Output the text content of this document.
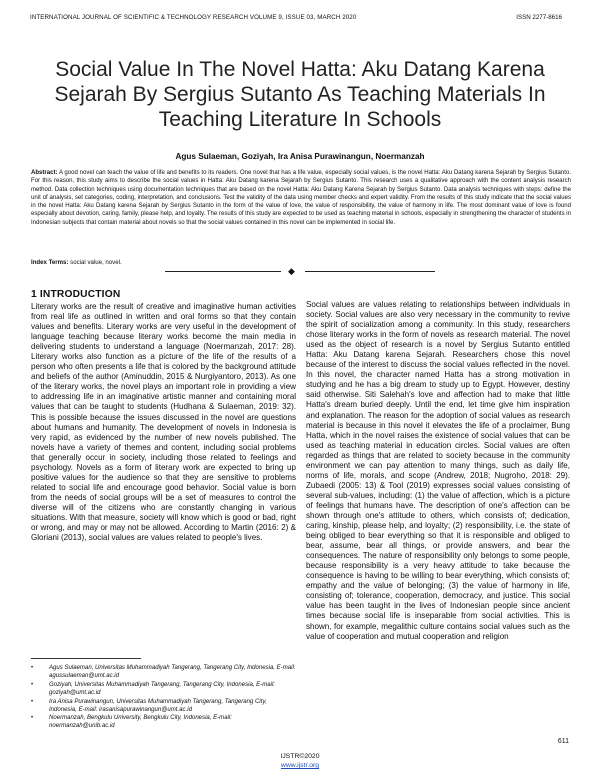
INTERNATIONAL JOURNAL OF SCIENTIFIC & TECHNOLOGY RESEARCH VOLUME 9, ISSUE 03, MARCH 2020	ISSN 2277-8616
Social Value In The Novel Hatta: Aku Datang Karena Sejarah By Sergius Sutanto As Teaching Materials In Teaching Literature In Schools
Agus Sulaeman, Goziyah, Ira Anisa Purawinangun, Noermanzah

Abstract: A good novel can teach the value of life and benefits to its readers. One novel that has a life value, especially social values, is the novel Hatta: Aku Datang karena Sejarah by Sergius Sutanto. For this reason, this study aims to describe the social values in Hatta: Aku Datang karena Sejarah by Sergius Sutanto. This research uses a qualitative approach with the content analysis research method. Data collection techniques using documentation techniques that are based on the novel Hatta: Aku Datang Karena Sejarah by Sergius Sutanto. Data analysis techniques with steps: define the unit of analysis, set categories, coding, interpretation, and conclusions. Test the validity of the data using member checks and expert validity. From the results of this study indicate that the social values in the novel Hatta: Aku Datang karena Sejarah by Sergius Sutanto in the form of the value of love, the value of responsibility, the value of harmony in life. The most dominant value of love is found especially about devotion, caring, family, please help, and loyalty. The results of this study are expected to be used as teaching material in schools, especially in strengthening the character of students in Indonesian subjects that contain material about novels so that the social values contained in this novel can be implemented in social life.

Index Terms: social value, novel.

◆
1 INTRODUCTION

Literary works are the result of creative and imaginative human activities from real life as outlined in written and oral forms so that they contain values and benefits. Literary works are very useful in the development of language teaching because literary works become the main media in delivering students to understand a language (Noermanzah, 2017: 28). Literary works also function as a picture of the life of the results of a person who often presents a life that is colored by the background attitude and beliefs of the author (Aminuddin, 2015 & Nurgiyantoro, 2013). As one of the literary works, the novel plays an important role in providing a view to addressing life in an imaginative artistic manner and containing moral values that can be taught to students (Hudhana & Sulaeman, 2019: 32). This is possible because the issues discussed in the novel are questions about humans and humanity. The development of novels in Indonesia is very rapid, as evidenced by the number of new novels published. The novels have a variety of themes and content, including social problems that generally occur in society, including those related to feelings and psychology. Novels as a form of literary work are expected to bring up positive values for the audience so that they are sensitive to problems related to social life and encourage good behavior. Social value is born from the needs of social groups will be a set of measures to control the diverse will of the citizens who are constantly changing in various situations. With that measure, society will know which is good or bad, right or wrong, and may or may not be allowed. According to Martin (2016: 2) & Gloriani (2013), social values are values related to people's lives.

Social values are values relating to relationships between individuals in society. Social values are also very necessary in the community to revive the spirit of socialization among a community. In this study, researchers chose literary works in the form of novels as research material. The novel used as the object of research is a novel by Sergius Sutanto entitled Hatta: Aku Datang karena Sejarah. Researchers chose this novel because of the interest to discuss the social values reflected in the novel. In this novel, the character named Hatta has a strong motivation in studying and he has a big dream to study up to Egypt. However, destiny said otherwise. Siti Salehah's love and affection had to make that little Hatta's dream buried deeply. Until the end, let time give him inspiration and explanation. The reason for the adoption of social values as research material is because in this novel it elevates the life of a proclaimer, Bung Hatta, which in the novel raises the existence of social values that can be used as teaching material in education circles. Social values are often regarded as things that are related to society because in the community environment we can pay attention to many things, such as daily life, norms of life, morals, and scope (Andrew, 2018; Nugroho, 2018: 29). Zubaedi (2005: 13) & Tool (2019) expresses social values consisting of several sub-values, including: (1) the value of affection, which is a picture of feelings that humans have. The description of one's affection can be shown through one's attitude to others, which consists of; dedication, caring, kinship, please help, and loyalty; (2) responsibility, i.e. the state of being obliged to bear everything so that it is responsible and obliged to bear, assume, bear all things, or provide answers, and bear the consequences. The nature of responsibility only belongs to some people, because responsibility is a very heavy attitude to take because the consequence is having to be willing to bear everything, which consists of; empathy and the value of belonging; (3) the value of harmony in life, consisting of; tolerance, cooperation, democracy, and justice. This social value has been taught in the lives of Indonesian people since ancient times because social life is inseparable from social activities. This is shown, for example, megalithic culture contains social values such as the value of cooperation and mutual cooperation and religion

•	Agus Sulaeman, Universitas Muhammadiyah Tangerang, Tangerang City, Indonesia, E-mail: agussulaeman@umt.ac.id
•	Goziyah, Universitas Muhammadiyah Tangerang, Tangerang City, Indonesia, E-mail: goziyah@umt.ac.id
•	Ira Anisa Purawinangun, Universitas Muhammadiyah Tangerang, Tangerang City, Indonesia, E-mail: irasanisapurawinangun@umt.ac.id
•	Noermanzah, Bengkulu University, Bengkulu City, Indonesia, E-mail: noermanzah@unib.ac.id
611
IJSTR©2020
www.ijstr.org
